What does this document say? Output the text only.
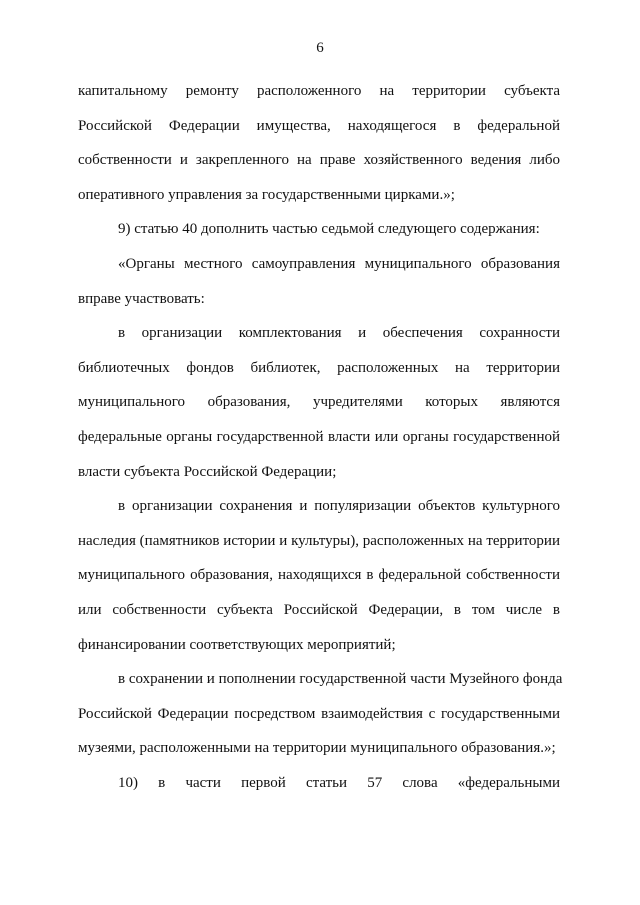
6
капитальному ремонту расположенного на территории субъекта
Российской Федерации имущества, находящегося в федеральной
собственности и закрепленного на праве хозяйственного ведения либо
оперативного управления за государственными цирками.»;
9) статью 40 дополнить частью седьмой следующего содержания:
«Органы местного самоуправления муниципального образования
вправе участвовать:
в организации комплектования и обеспечения сохранности
библиотечных фондов библиотек, расположенных на территории
муниципального образования, учредителями которых являются
федеральные органы государственной власти или органы государственной
власти субъекта Российской Федерации;
в организации сохранения и популяризации объектов культурного
наследия (памятников истории и культуры), расположенных на территории
муниципального образования, находящихся в федеральной собственности
или собственности субъекта Российской Федерации, в том числе в
финансировании соответствующих мероприятий;
в сохранении и пополнении государственной части Музейного фонда
Российской Федерации посредством взаимодействия с государственными
музеями, расположенными на территории муниципального образования.»;
10) в части первой статьи 57 слова «федеральными
